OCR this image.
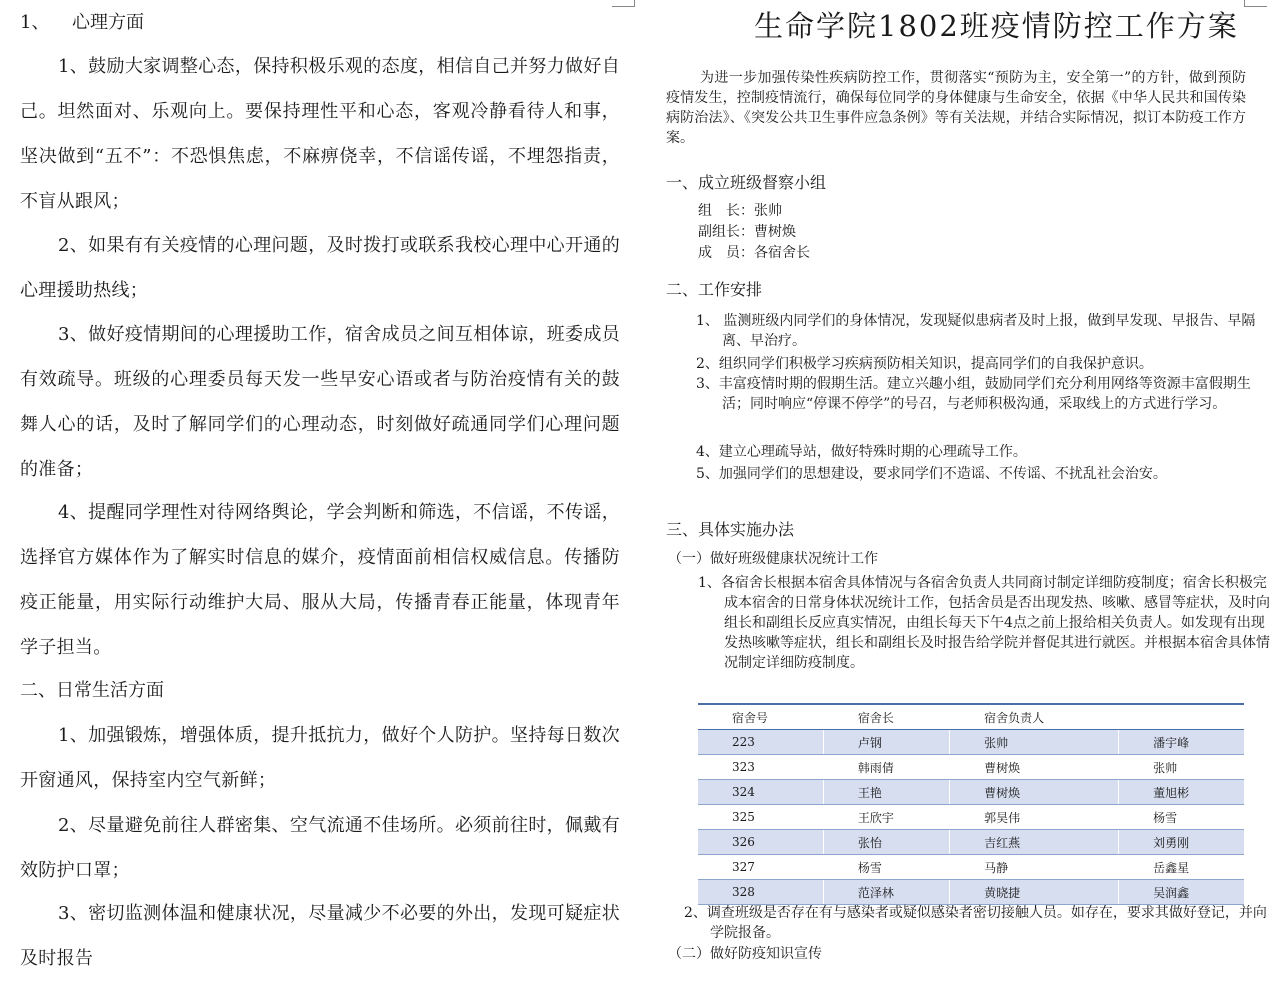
1、 心理方面
1、鼓励大家调整心态，保持积极乐观的态度，相信自己并努力做好自己。坦然面对、乐观向上。要保持理性平和心态，客观冷静看待人和事，坚决做到“五不”：不恐惧焦虑，不麻痹侥幸，不信谣传谣，不埋怨指责，不盲从跟风；
2、如果有有关疫情的心理问题，及时拨打或联系我校心理中心开通的心理援助热线；
3、做好疫情期间的心理援助工作，宿舍成员之间互相体谅，班委成员有效疏导。班级的心理委员每天发一些早安心语或者与防治疫情有关的鼓舞人心的话，及时了解同学们的心理动态，时刻做好疏通同学们心理问题的准备；
4、提醒同学理性对待网络舆论，学会判断和筛选，不信谣，不传谣，选择官方媒体作为了解实时信息的媒介，疫情面前相信权威信息。传播防疫正能量，用实际行动维护大局、服从大局，传播青春正能量，体现青年学子担当。
二、日常生活方面
1、加强锻炼，增强体质，提升抵抗力，做好个人防护。坚持每日数次开窗通风，保持室内空气新鲜；
2、尽量避免前往人群密集、空气流通不佳场所。必须前往时，佩戴有效防护口罩；
3、密切监测体温和健康状况，尽量减少不必要的外出，发现可疑症状及时报告
生命学院1802班疫情防控工作方案
为进一步加强传染性疾病防控工作，贯彻落实“预防为主，安全第一”的方针，做到预防疫情发生，控制疫情流行，确保每位同学的身体健康与生命安全，依据《中华人民共和国传染病防治法》、《突发公共卫生事件应急条例》等有关法规，并结合实际情况，拟订本防疫工作方案。
一、成立班级督察小组
组　长：张帅
副组长：曹树焕
成　员：各宿舍长
二、工作安排
1、 监测班级内同学们的身体情况，发现疑似患病者及时上报，做到早发现、早报告、早隔离、早治疗。
2、组织同学们积极学习疾病预防相关知识，提高同学们的自我保护意识。
3、丰富疫情时期的假期生活。建立兴趣小组，鼓励同学们充分利用网络等资源丰富假期生活；同时响应“停课不停学”的号召，与老师积极沟通，采取线上的方式进行学习。
4、建立心理疏导站，做好特殊时期的心理疏导工作。
5、加强同学们的思想建设，要求同学们不造谣、不传谣、不扰乱社会治安。
三、具体实施办法
（一）做好班级健康状况统计工作
1、各宿舍长根据本宿舍具体情况与各宿舍负责人共同商讨制定详细防疫制度；宿舍长积极完成本宿舍的日常身体状况统计工作，包括舍员是否出现发热、咳嗽、感冒等症状，及时向组长和副组长反应真实情况，由组长每天下午4点之前上报给相关负责人。如发现有出现发热咳嗽等症状，组长和副组长及时报告给学院并督促其进行就医。并根据本宿舍具体情况制定详细防疫制度。
宿舍号	宿舍长	宿舍负责人	
223	卢钢	张帅	潘宇峰
323	韩雨倩	曹树焕	张帅
324	王艳	曹树焕	董旭彬
325	王欣宇	郭昊伟	杨雪
326	张怡	吉红燕	刘勇刚
327	杨雪	马静	岳鑫星
328	范泽林	黄晓捷	吴润鑫
2、调查班级是否存在有与感染者或疑似感染者密切接触人员。如存在，要求其做好登记，并向学院报备。
（二）做好防疫知识宣传
